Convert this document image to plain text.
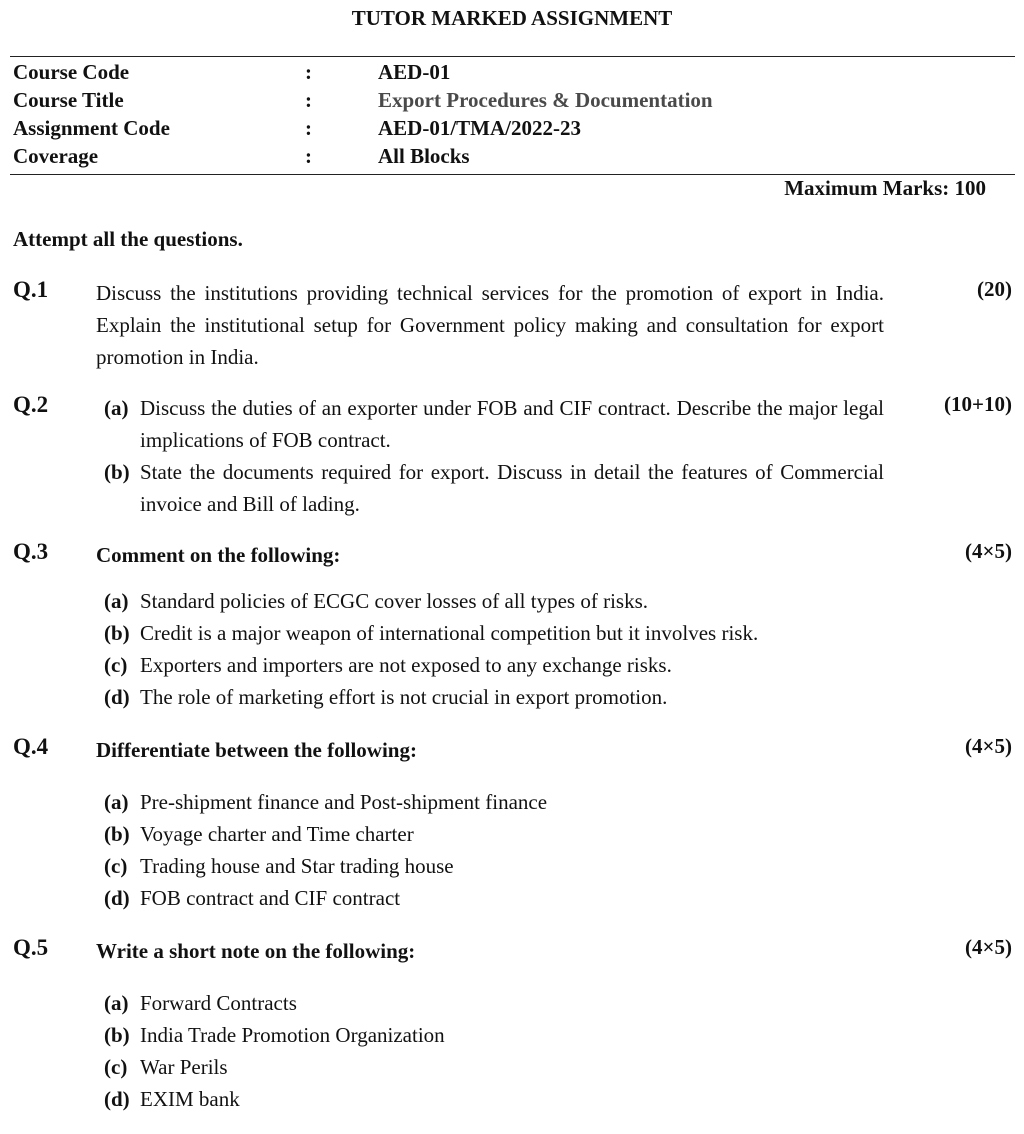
TUTOR MARKED ASSIGNMENT
Course Code	:	AED-01
Course Title	:	Export Procedures & Documentation
Assignment Code	:	AED-01/TMA/2022-23
Coverage	:	All Blocks
Maximum Marks: 100
Attempt all the questions.
Q.1 Discuss the institutions providing technical services for the promotion of export in India. Explain the institutional setup for Government policy making and consultation for export promotion in India.
(20)
Q.2	(10+10)
(a) Discuss the duties of an exporter under FOB and CIF contract. Describe the major legal implications of FOB contract.
(b) State the documents required for export. Discuss in detail the features of Commercial invoice and Bill of lading.
Q.3 Comment on the following:	(4×5)
(a) Standard policies of ECGC cover losses of all types of risks.
(b) Credit is a major weapon of international competition but it involves risk.
(c) Exporters and importers are not exposed to any exchange risks.
(d) The role of marketing effort is not crucial in export promotion.
Q.4 Differentiate between the following:	(4×5)
(a) Pre-shipment finance and Post-shipment finance
(b) Voyage charter and Time charter
(c) Trading house and Star trading house
(d) FOB contract and CIF contract
Q.5 Write a short note on the following:	(4×5)
(a) Forward Contracts
(b) India Trade Promotion Organization
(c) War Perils
(d) EXIM bank
